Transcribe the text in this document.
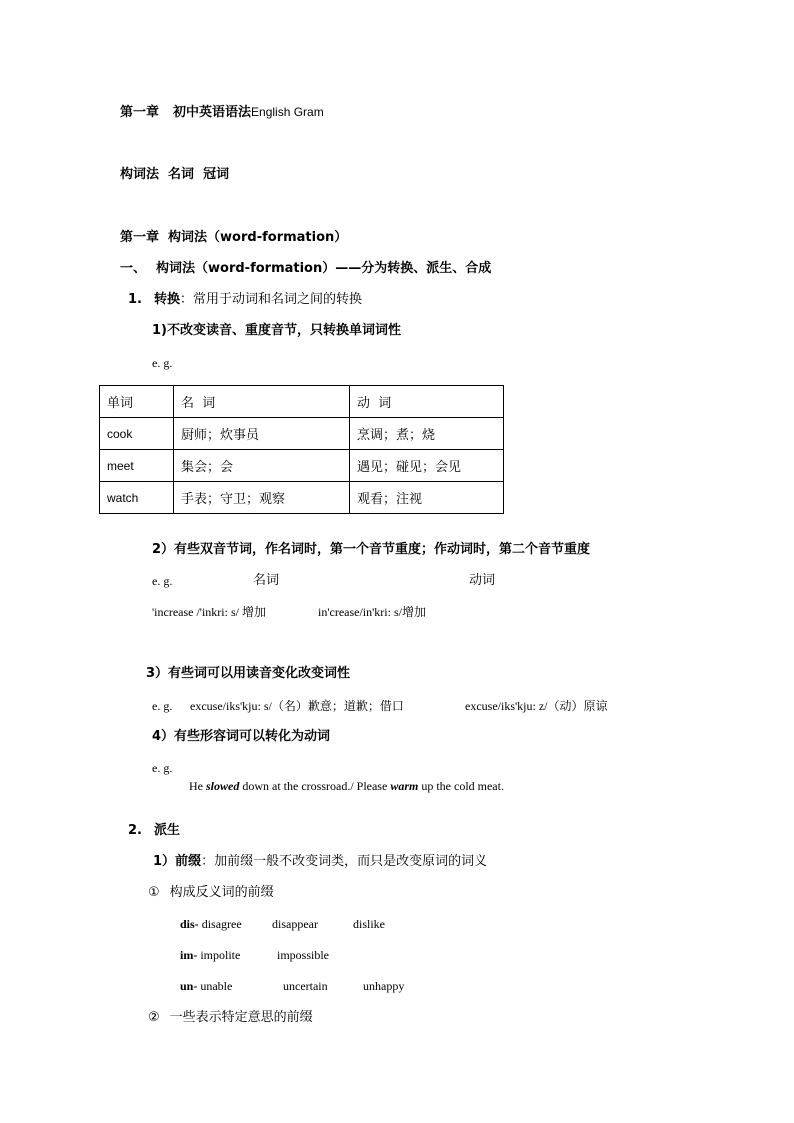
第一章 初中英语语法English Gram
构词法  名词  冠词
第一章  构词法（word-formation）
一、 构词法（word-formation）——分为转换、派生、合成
1. 转换：常用于动词和名词之间的转换
1)不改变读音、重度音节，只转换单词词性
e. g.
单词	名  词	动  词
cook	厨师；炊事员	烹调；煮；烧
meet	集会；会	遇见；碰见；会见
watch	手表；守卫；观察	观看；注视
2）有些双音节词，作名词时，第一个音节重度；作动词时，第二个音节重度
e. g.	名词	动词
'increase /'inkri: s/ 增加	in'crease/in'kri: s/增加
3）有些词可以用读音变化改变词性
e. g. excuse/iks'kju: s/（名）歉意；道歉；借口	excuse/iks'kju: z/（动）原谅
4）有些形容词可以转化为动词
e. g.

He slowed down at the crossroad./ Please warm up the cold meat.

2. 派生
1）前缀：加前缀一般不改变词类，而只是改变原词的词义
① 构成反义词的前缀
dis- disagree	disappear	dislike
im- impolite	impossible
un- unable	uncertain	unhappy
② 一些表示特定意思的前缀
